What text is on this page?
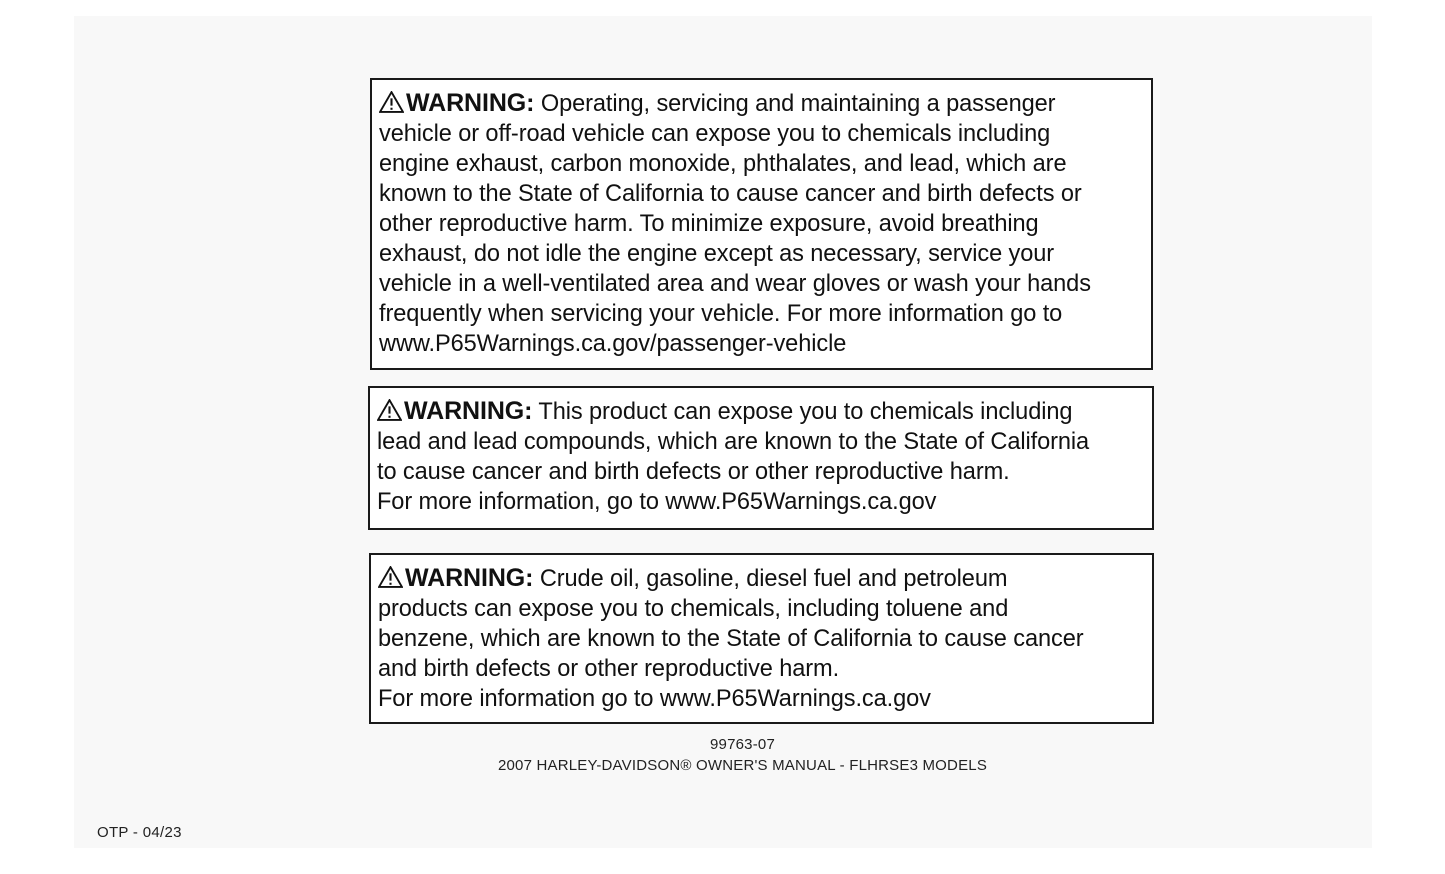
WARNING: Operating, servicing and maintaining a passenger
vehicle or off-road vehicle can expose you to chemicals including
engine exhaust, carbon monoxide, phthalates, and lead, which are
known to the State of California to cause cancer and birth defects or
other reproductive harm. To minimize exposure, avoid breathing
exhaust, do not idle the engine except as necessary, service your
vehicle in a well-ventilated area and wear gloves or wash your hands
frequently when servicing your vehicle. For more information go to
www.P65Warnings.ca.gov/passenger-vehicle
WARNING: This product can expose you to chemicals including
lead and lead compounds, which are known to the State of California
to cause cancer and birth defects or other reproductive harm.
For more information, go to www.P65Warnings.ca.gov
WARNING: Crude oil, gasoline, diesel fuel and petroleum
products can expose you to chemicals, including toluene and
benzene, which are known to the State of California to cause cancer
and birth defects or other reproductive harm.
For more information go to www.P65Warnings.ca.gov
99763-07
2007 HARLEY-DAVIDSON® OWNER'S MANUAL - FLHRSE3 MODELS
OTP - 04/23
